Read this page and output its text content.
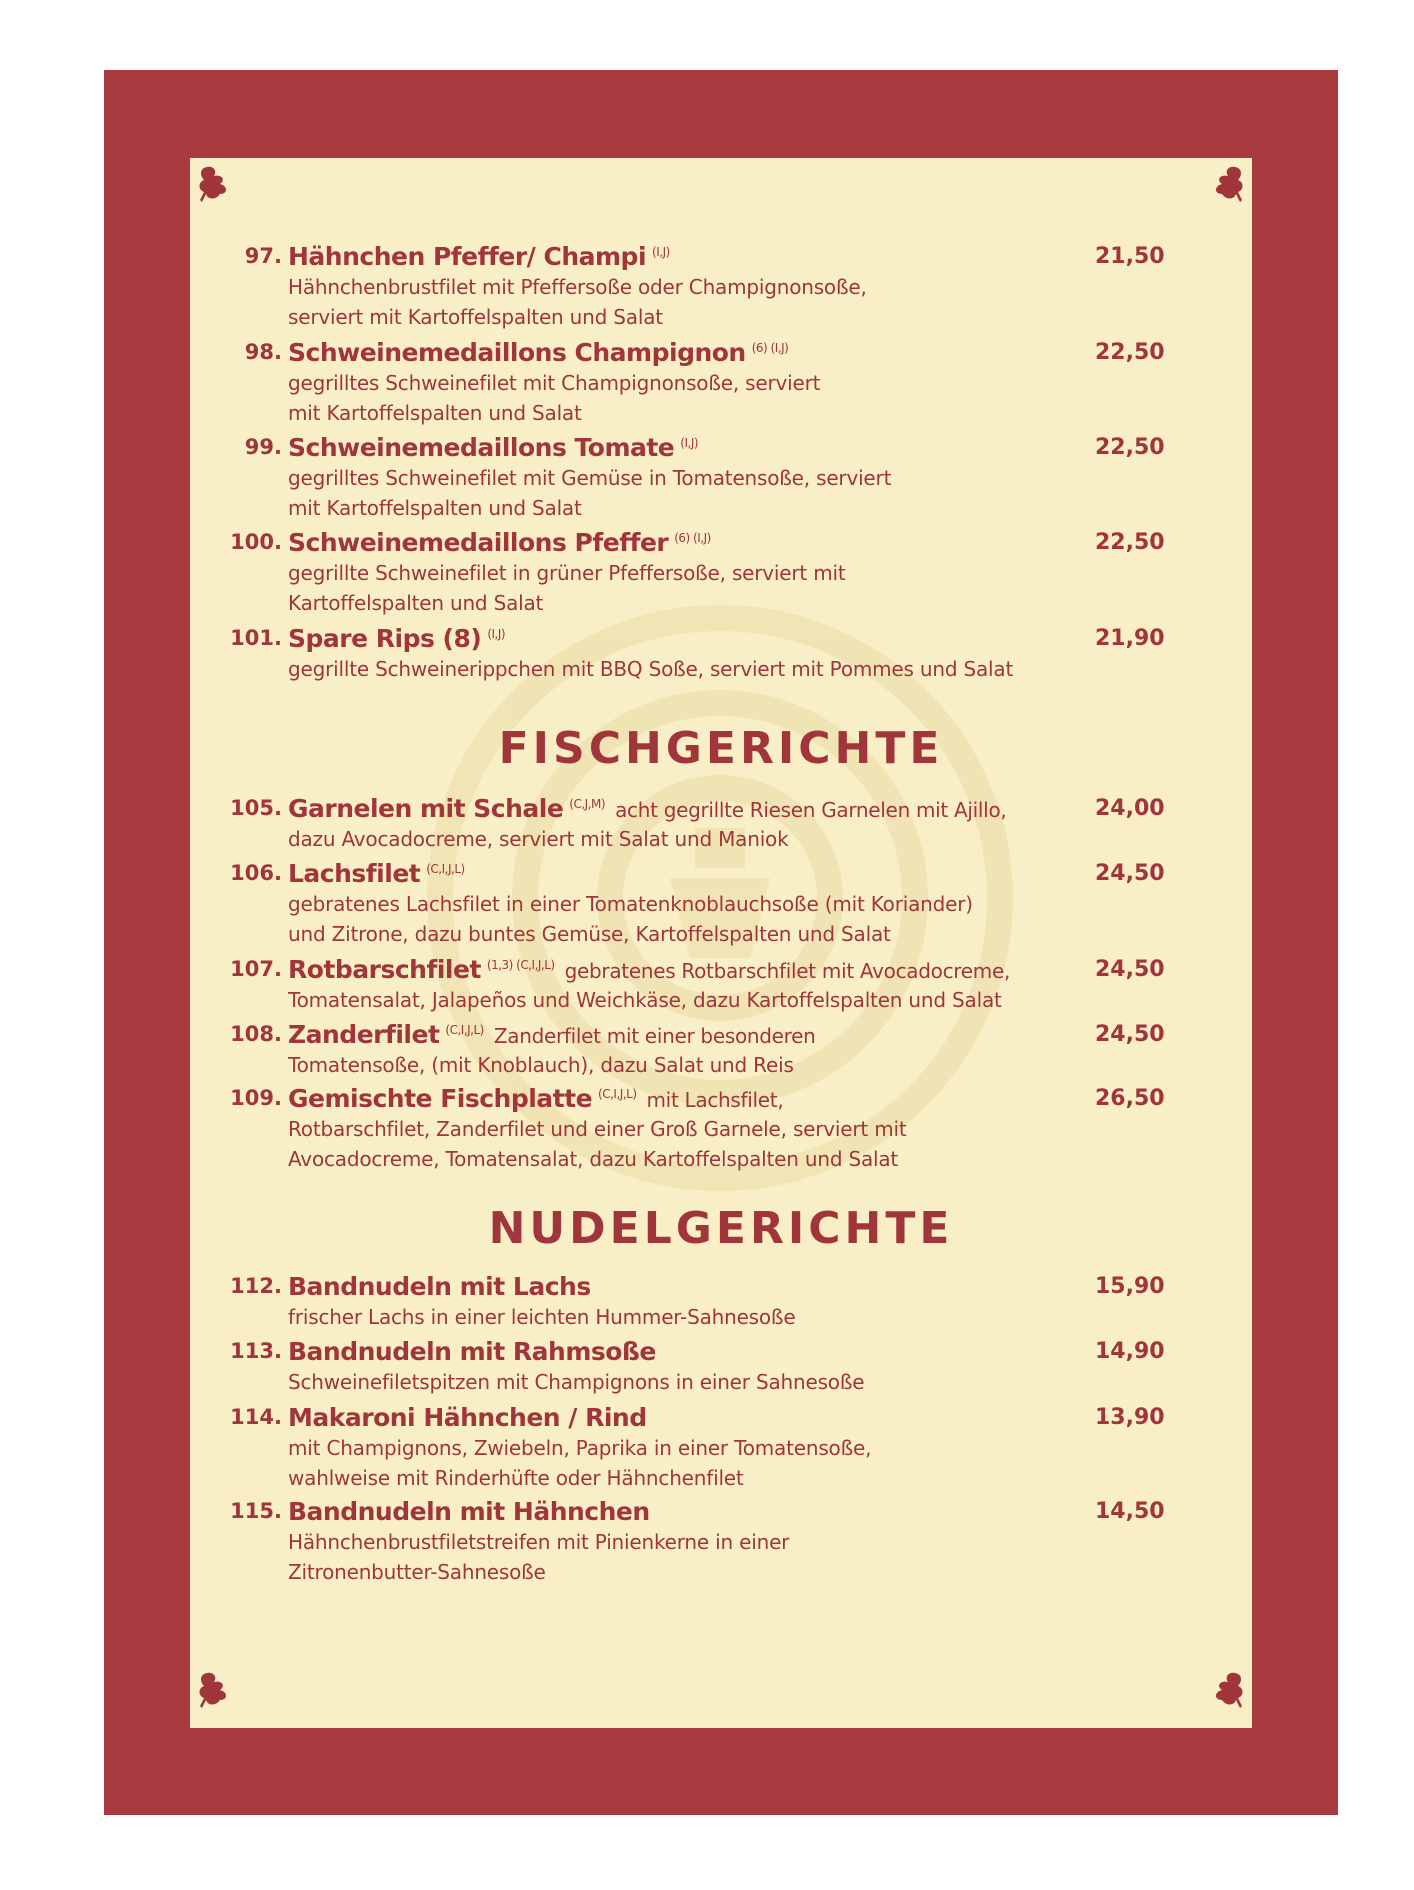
97. Hähnchen Pfeffer/ Champi $^{(I,J)}$	21,50
Hähnchenbrustfilet mit Pfeffersoße oder Champignonsoße,
serviert mit Kartoffelspalten und Salat
98. Schweinemedaillons Champignon $^{(6) (I,J)}$	22,50
gegrilltes Schweinefilet mit Champignonsoße, serviert
mit Kartoffelspalten und Salat
99. Schweinemedaillons Tomate $^{(I,J)}$	22,50
gegrilltes Schweinefilet mit Gemüse in Tomatensoße, serviert
mit Kartoffelspalten und Salat
100. Schweinemedaillons Pfeffer $^{(6) (I,J)}$	22,50
gegrillte Schweinefilet in grüner Pfeffersoße, serviert mit
Kartoffelspalten und Salat
101. Spare Rips (8) $^{(I,J)}$	21,90
gegrillte Schweinerippchen mit BBQ Soße, serviert mit Pommes und Salat
FISCHGERICHTE
105. Garnelen mit Schale $^{(C,J,M)}$ acht gegrillte Riesen Garnelen mit Ajillo,	24,00
dazu Avocadocreme, serviert mit Salat und Maniok
106. Lachsfilet $^{(C,I,J,L)}$	24,50
gebratenes Lachsfilet in einer Tomatenknoblauchsoße (mit Koriander)
und Zitrone, dazu buntes Gemüse, Kartoffelspalten und Salat
107. Rotbarschfilet $^{(1,3) (C,I,J,L)}$ gebratenes Rotbarschfilet mit Avocadocreme,	24,50
Tomatensalat, Jalapeños und Weichkäse, dazu Kartoffelspalten und Salat
108. Zanderfilet $^{(C,I,J,L)}$ Zanderfilet mit einer besonderen	24,50
Tomatensoße, (mit Knoblauch), dazu Salat und Reis
109. Gemischte Fischplatte $^{(C,I,J,L)}$ mit Lachsfilet,	26,50
Rotbarschfilet, Zanderfilet und einer Groß Garnele, serviert mit
Avocadocreme, Tomatensalat, dazu Kartoffelspalten und Salat
NUDELGERICHTE
112. Bandnudeln mit Lachs	15,90
frischer Lachs in einer leichten Hummer-Sahnesoße
113. Bandnudeln mit Rahmsoße	14,90
Schweinefiletspitzen mit Champignons in einer Sahnesoße
114. Makaroni Hähnchen / Rind	13,90
mit Champignons, Zwiebeln, Paprika in einer Tomatensoße,
wahlweise mit Rinderhüfte oder Hähnchenfilet
115. Bandnudeln mit Hähnchen	14,50
Hähnchenbrustfiletstreifen mit Pinienkerne in einer
Zitronenbutter-Sahnesoße
